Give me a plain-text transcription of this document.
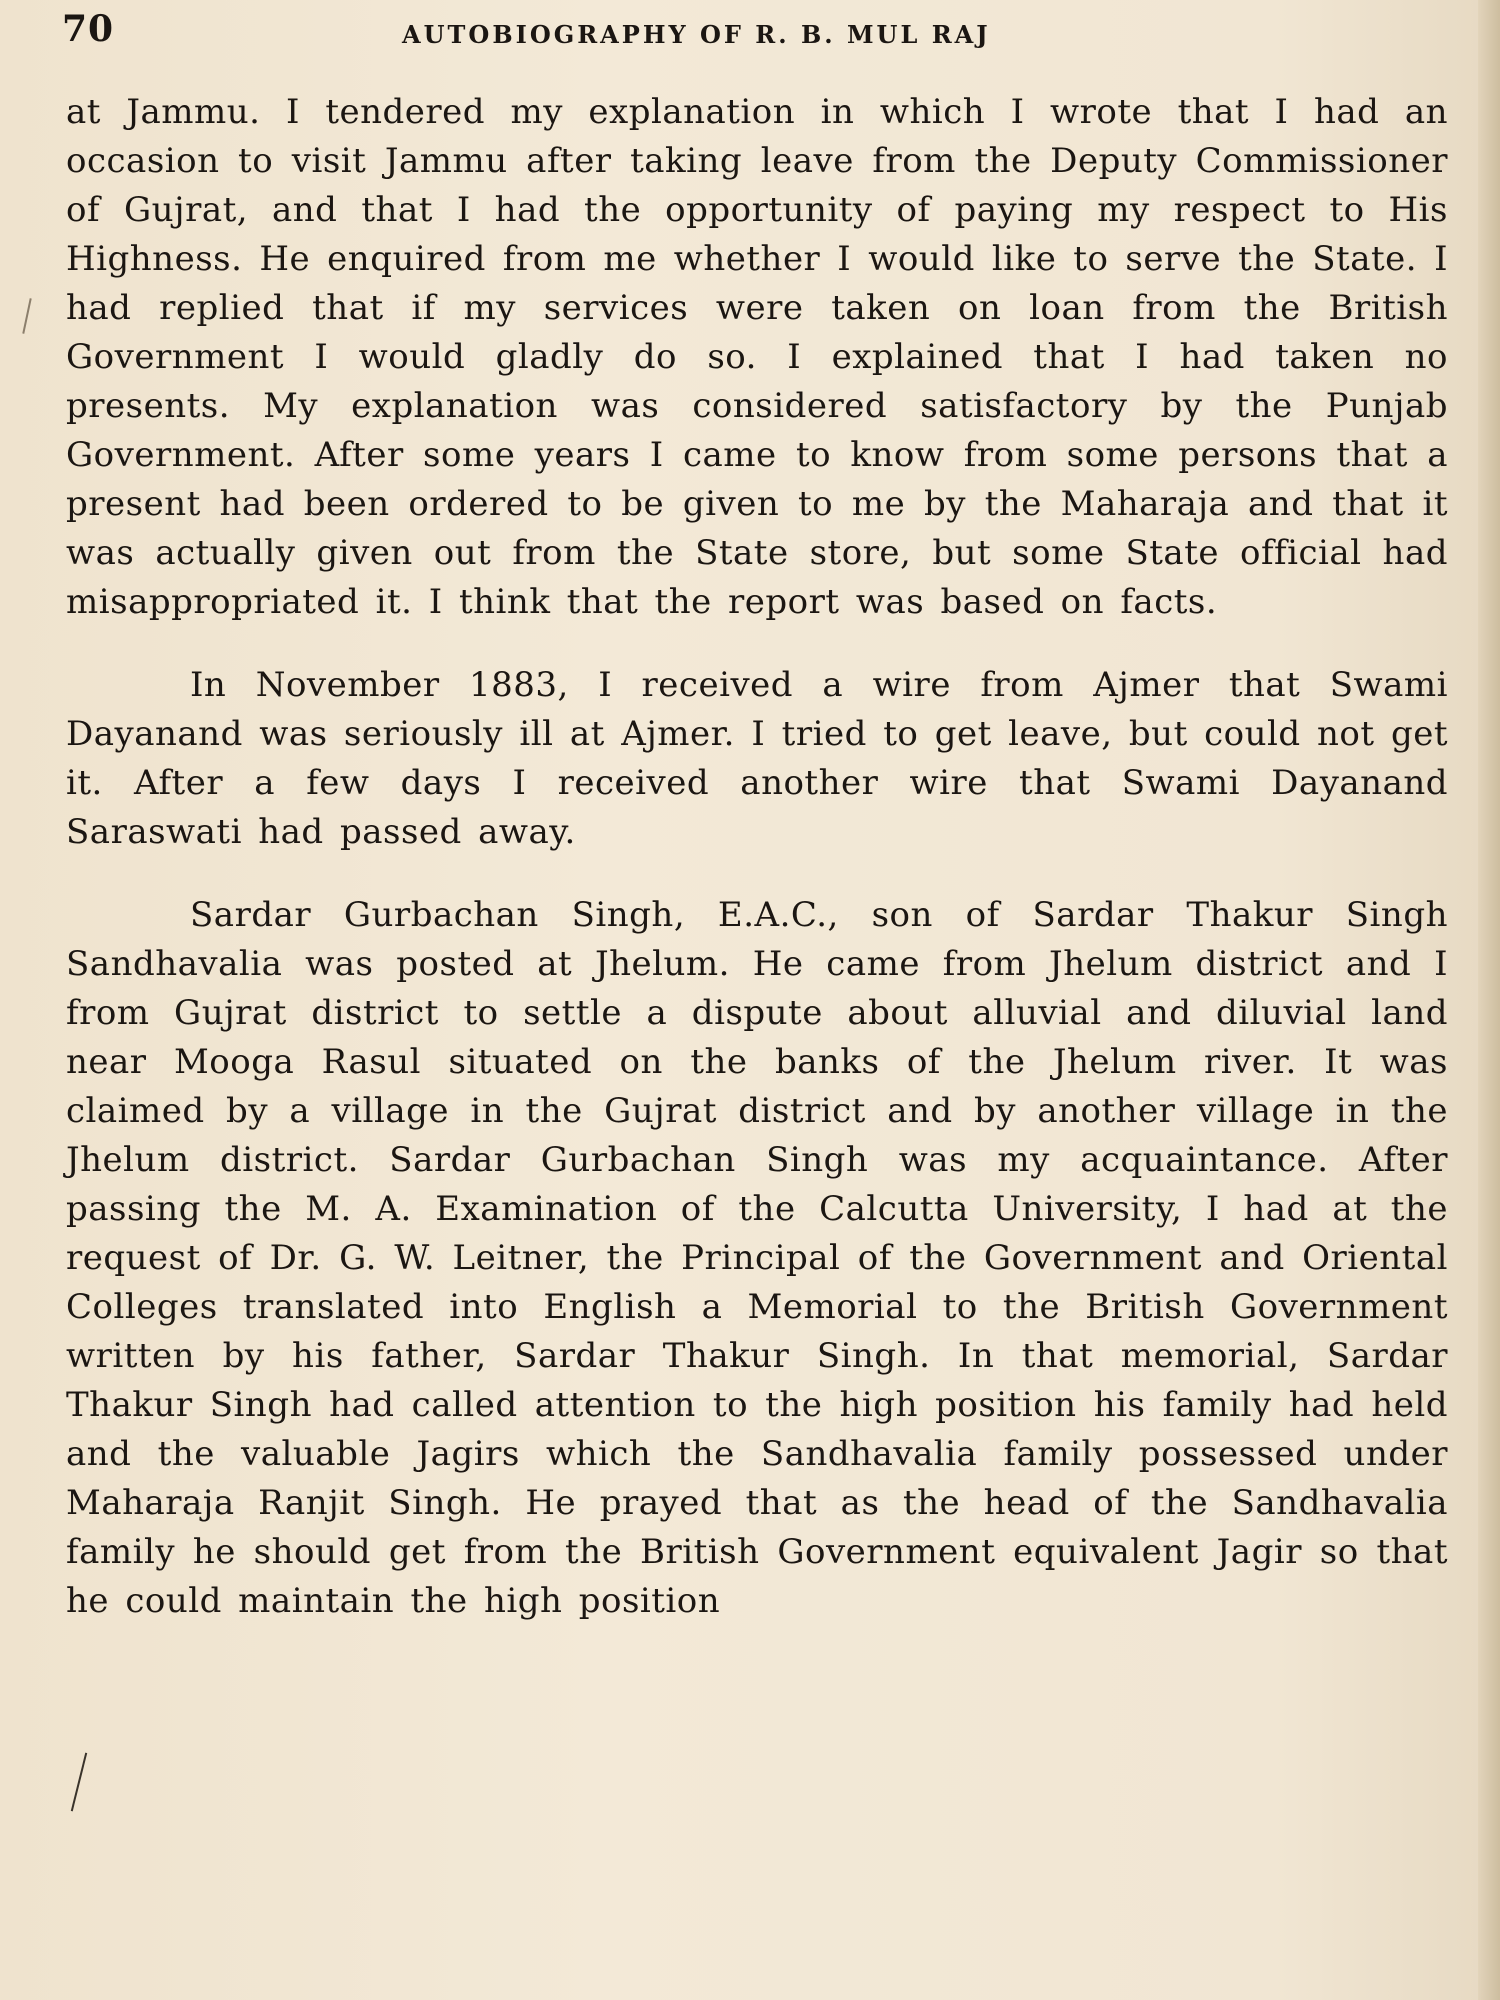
70	AUTOBIOGRAPHY OF R. B. MUL RAJ

at Jammu. I tendered my explanation in which I wrote that I had an occasion to visit Jammu after taking leave from the Deputy Commissioner of Gujrat, and that I had the opportunity of paying my respect to His Highness. He enquired from me whether I would like to serve the State. I had replied that if my services were taken on loan from the British Government I would gladly do so. I explained that I had taken no presents. My explanation was considered satisfactory by the Punjab Government. After some years I came to know from some persons that a present had been ordered to be given to me by the Maharaja and that it was actually given out from the State store, but some State official had misappropriated it. I think that the report was based on facts.

In November 1883, I received a wire from Ajmer that Swami Dayanand was seriously ill at Ajmer. I tried to get leave, but could not get it. After a few days I received another wire that Swami Dayanand Saraswati had passed away.

Sardar Gurbachan Singh, E.A.C., son of Sardar Thakur Singh Sandhavalia was posted at Jhelum. He came from Jhelum district and I from Gujrat district to settle a dispute about alluvial and diluvial land near Mooga Rasul situated on the banks of the Jhelum river. It was claimed by a village in the Gujrat district and by another village in the Jhelum district. Sardar Gurbachan Singh was my acquaintance. After passing the M. A. Examination of the Calcutta University, I had at the request of Dr. G. W. Leitner, the Principal of the Government and Oriental Colleges translated into English a Memorial to the British Government written by his father, Sardar Thakur Singh. In that memorial, Sardar Thakur Singh had called attention to the high position his family had held and the valuable Jagirs which the Sandhavalia family possessed under Maharaja Ranjit Singh. He prayed that as the head of the Sandhavalia family he should get from the British Government equivalent Jagir so that he could maintain the high position
